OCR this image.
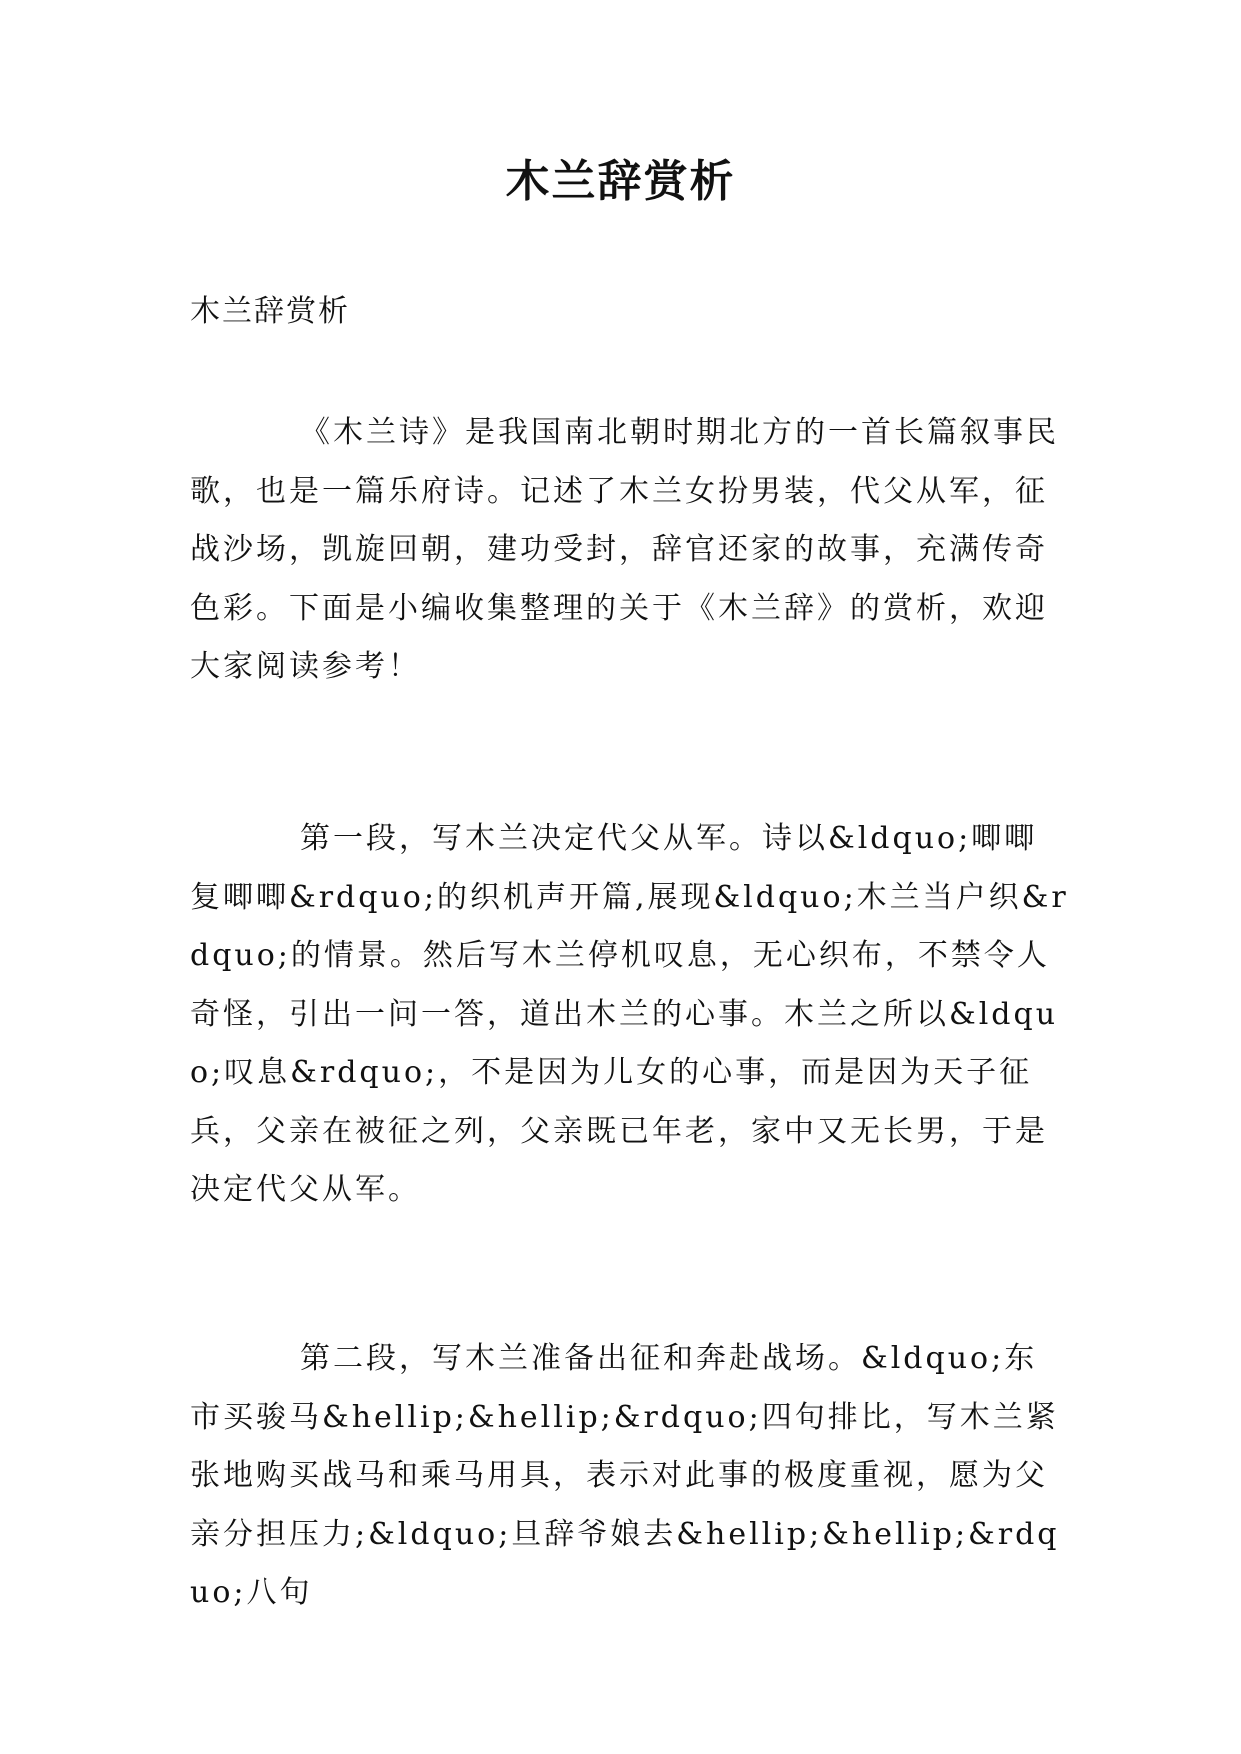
木兰辞赏析

木兰辞赏析

《木兰诗》是我国南北朝时期北方的一首长篇叙事民歌，也是一篇乐府诗。记述了木兰女扮男装，代父从军，征战沙场，凯旋回朝，建功受封，辞官还家的故事，充满传奇色彩。下面是小编收集整理的关于《木兰辞》的赏析，欢迎大家阅读参考！

第一段，写木兰决定代父从军。诗以&ldquo;唧唧复唧唧&rdquo;的织机声开篇,展现&ldquo;木兰当户织&rdquo;的情景。然后写木兰停机叹息，无心织布，不禁令人奇怪，引出一问一答，道出木兰的心事。木兰之所以&ldquo;叹息&rdquo;，不是因为儿女的心事，而是因为天子征兵，父亲在被征之列，父亲既已年老，家中又无长男，于是决定代父从军。

第二段，写木兰准备出征和奔赴战场。&ldquo;东市买骏马&hellip;&hellip;&rdquo;四句排比，写木兰紧张地购买战马和乘马用具，表示对此事的极度重视，愿为父亲分担压力;&ldquo;旦辞爷娘去&hellip;&hellip;&rdquo;八句
